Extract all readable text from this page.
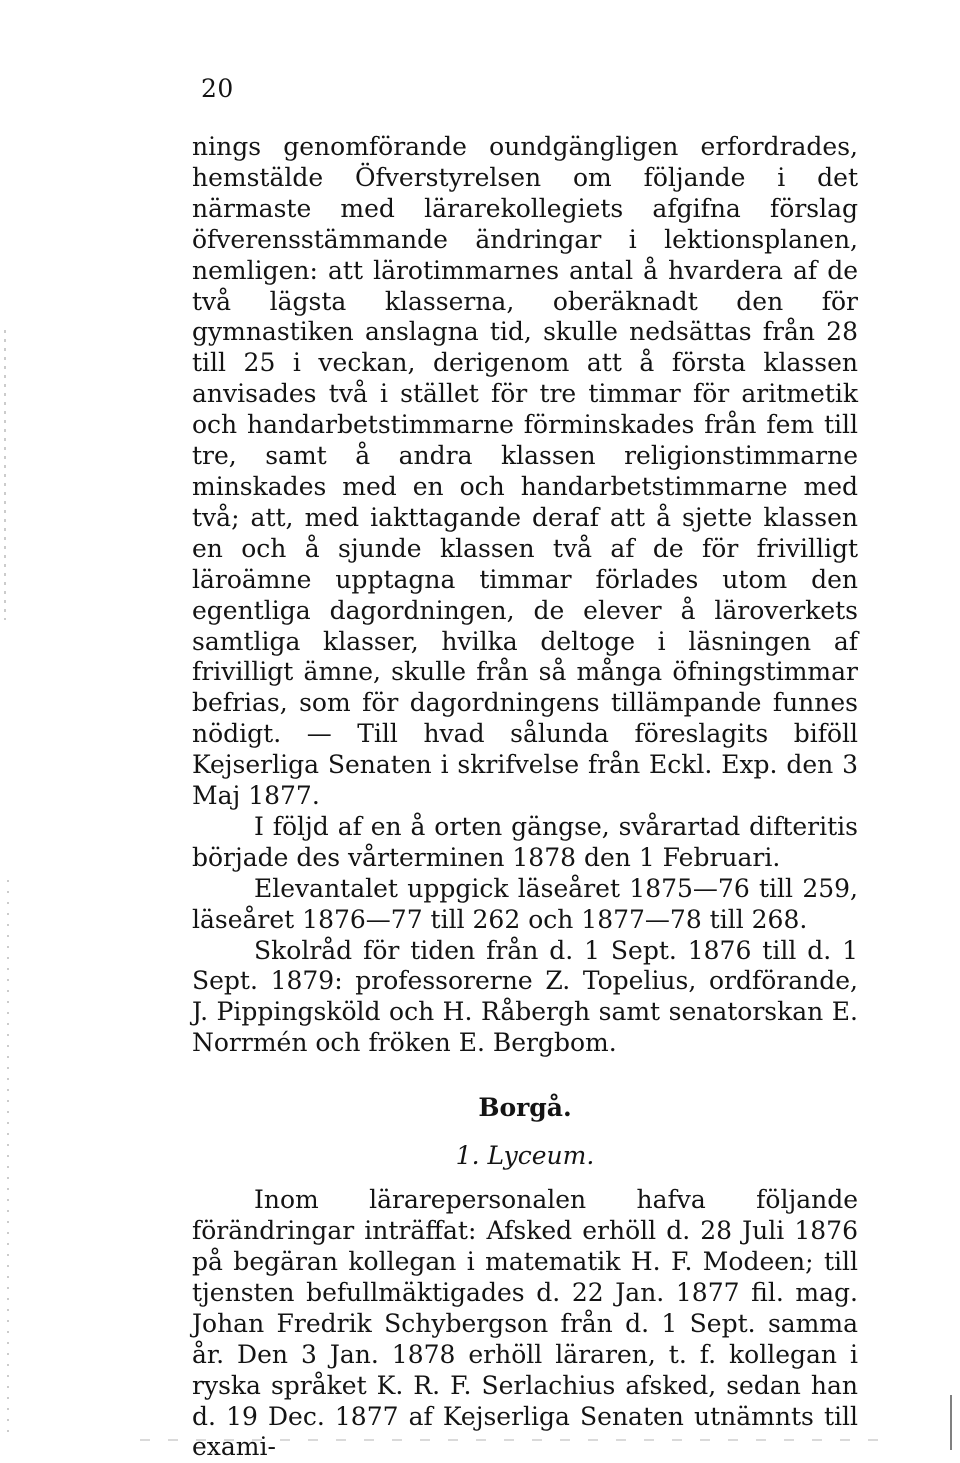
20

nings genomförande oundgängligen erfordrades, hemstälde Öfverstyrelsen om följande i det närmaste med lärarekollegiets afgifna förslag öfverensstämmande ändringar i lektionsplanen, nemligen: att lärotimmarnes antal å hvardera af de två lägsta klasserna, oberäknadt den för gymnastiken anslagna tid, skulle nedsättas från 28 till 25 i veckan, derigenom att å första klassen anvisades två i stället för tre timmar för aritmetik och handarbetstimmarne förminskades från fem till tre, samt å andra klassen religionstimmarne minskades med en och handarbetstimmarne med två; att, med iakttagande deraf att å sjette klassen en och å sjunde klassen två af de för frivilligt läroämne upptagna timmar förlades utom den egentliga dagordningen, de elever å läroverkets samtliga klasser, hvilka deltoge i läsningen af frivilligt ämne, skulle från så många öfningstimmar befrias, som för dagordningens tillämpande funnes nödigt. — Till hvad sålunda föreslagits biföll Kejserliga Senaten i skrifvelse från Eckl. Exp. den 3 Maj 1877.

I följd af en å orten gängse, svårartad difteritis började des vårterminen 1878 den 1 Februari.

Elevantalet uppgick läseåret 1875—76 till 259, läseåret 1876—77 till 262 och 1877—78 till 268.

Skolråd för tiden från d. 1 Sept. 1876 till d. 1 Sept. 1879: professorerne Z. Topelius, ordförande, J. Pippingsköld och H. Råbergh samt senatorskan E. Norrmén och fröken E. Bergbom.

Borgå.
1. Lyceum.

Inom lärarepersonalen hafva följande förändringar inträffat: Afsked erhöll d. 28 Juli 1876 på begäran kollegan i matematik H. F. Modeen; till tjensten befullmäktigades d. 22 Jan. 1877 fil. mag. Johan Fredrik Schybergson från d. 1 Sept. samma år. Den 3 Jan. 1878 erhöll läraren, t. f. kollegan i ryska språket K. R. F. Serlachius afsked, sedan han d. 19 Dec. 1877 af Kejserliga Senaten utnämnts till exami-
